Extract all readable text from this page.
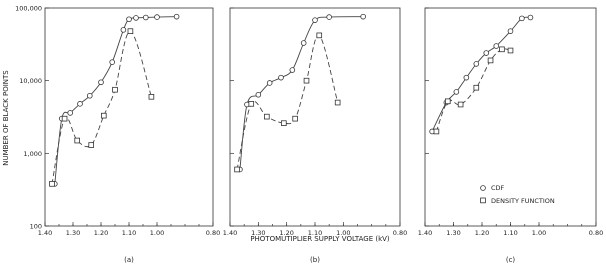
NUMBER OF BLACK POINTS
PHOTOMUTIPLIER SUPPLY VOLTAGE (kV)
1.40 1.30 1.20 1.10 1.00	0.80
100
1,000
10,000
100,000
(a)
1.40 1.30 1.20 1.10 1.00	0.80
(b)
1.40 1.30 1.20 1.10 1.00	0.80
(c)
CDF
DENSITY FUNCTION
